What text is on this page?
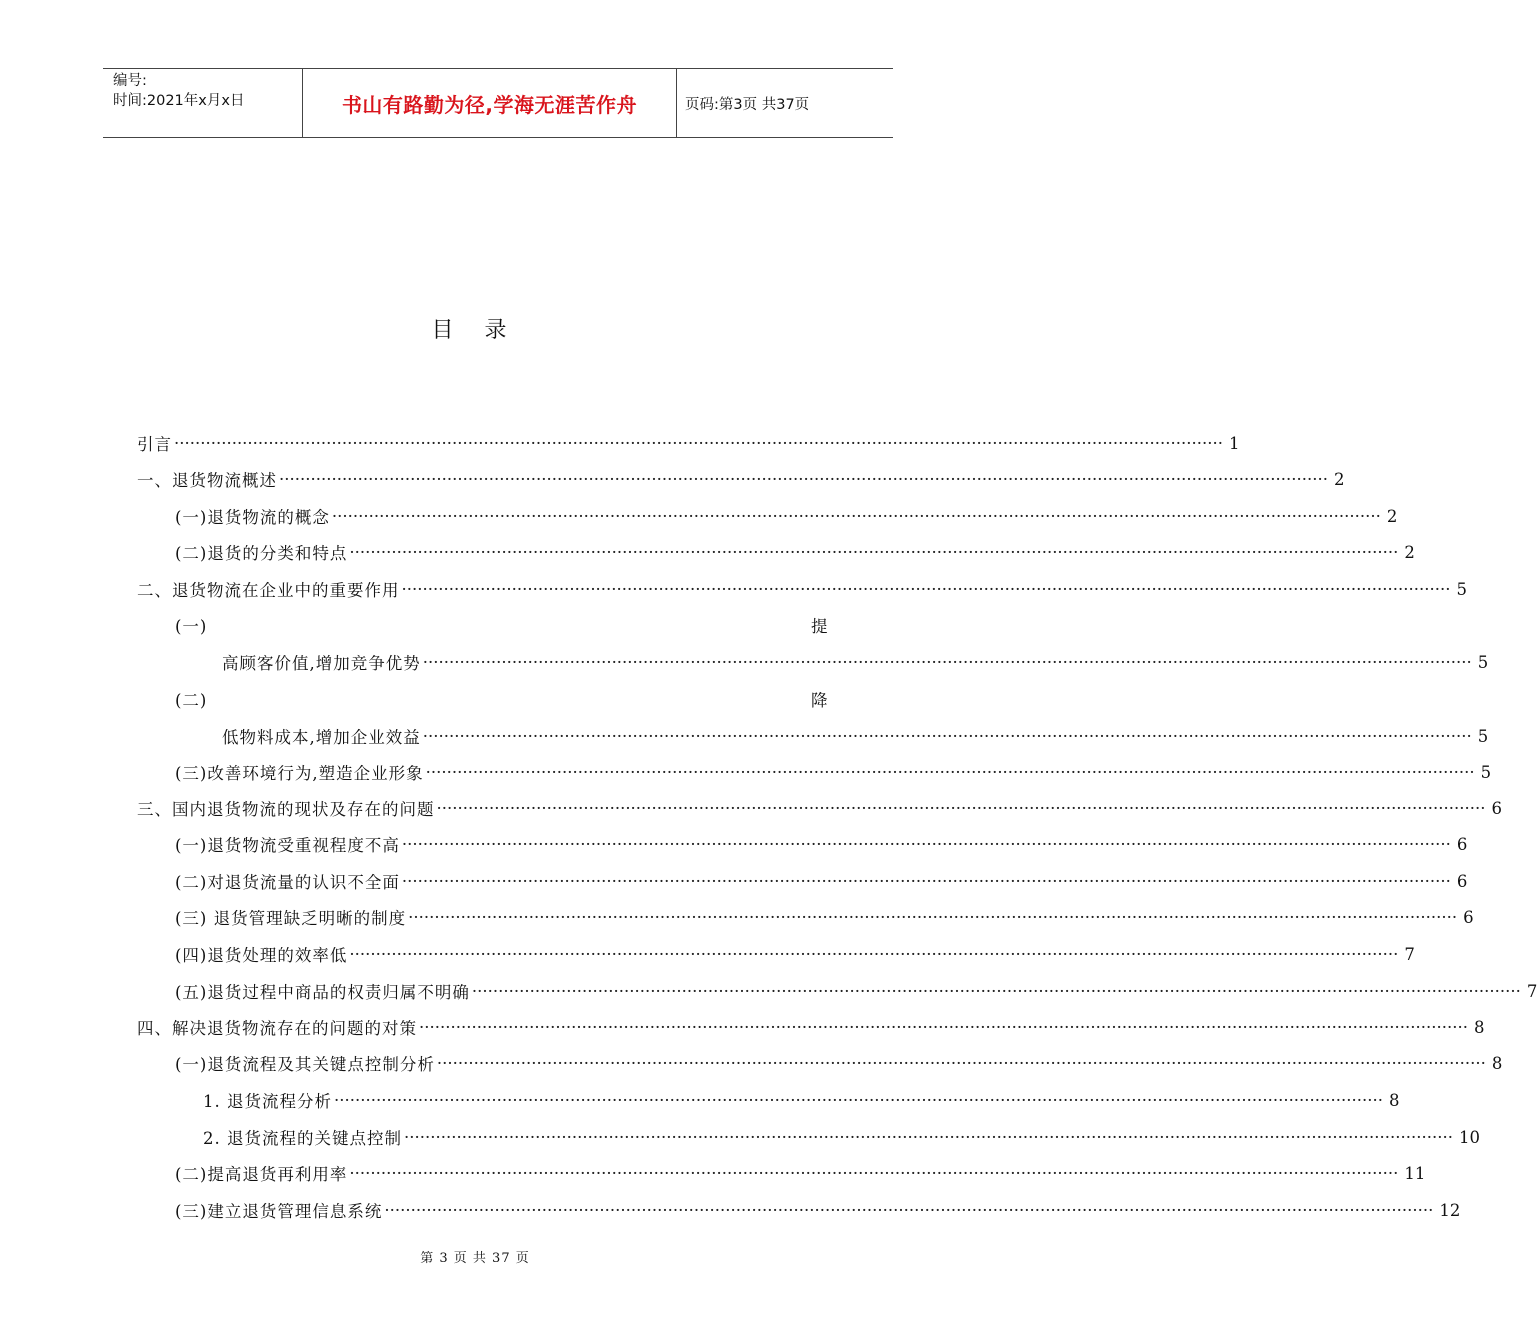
编号:
时间:2021年x月x日	书山有路勤为径,学海无涯苦作舟	页码:第3页 共37页
目 录
引言 ········································································································································································································ 1
一、退货物流概述 ········································································································································································································ 2
(一)退货物流的概念 ········································································································································································································ 2
(二)退货的分类和特点 ········································································································································································································ 2
二、退货物流在企业中的重要作用 ········································································································································································································ 5
(一)	提
高顾客价值,增加竞争优势 ········································································································································································································ 5
(二)	降
低物料成本,增加企业效益 ········································································································································································································ 5
(三)改善环境行为,塑造企业形象 ········································································································································································································ 5
三、国内退货物流的现状及存在的问题 ········································································································································································································ 6
(一)退货物流受重视程度不高 ········································································································································································································ 6
(二)对退货流量的认识不全面 ········································································································································································································ 6
(三) 退货管理缺乏明晰的制度 ········································································································································································································ 6
(四)退货处理的效率低 ········································································································································································································ 7
(五)退货过程中商品的权责归属不明确 ········································································································································································································ 7
四、解决退货物流存在的问题的对策 ········································································································································································································ 8
(一)退货流程及其关键点控制分析 ········································································································································································································ 8
1. 退货流程分析 ········································································································································································································ 8
2. 退货流程的关键点控制 ········································································································································································································ 10
(二)提高退货再利用率 ········································································································································································································ 11
(三)建立退货管理信息系统 ········································································································································································································ 12
第 3 页 共 37 页
